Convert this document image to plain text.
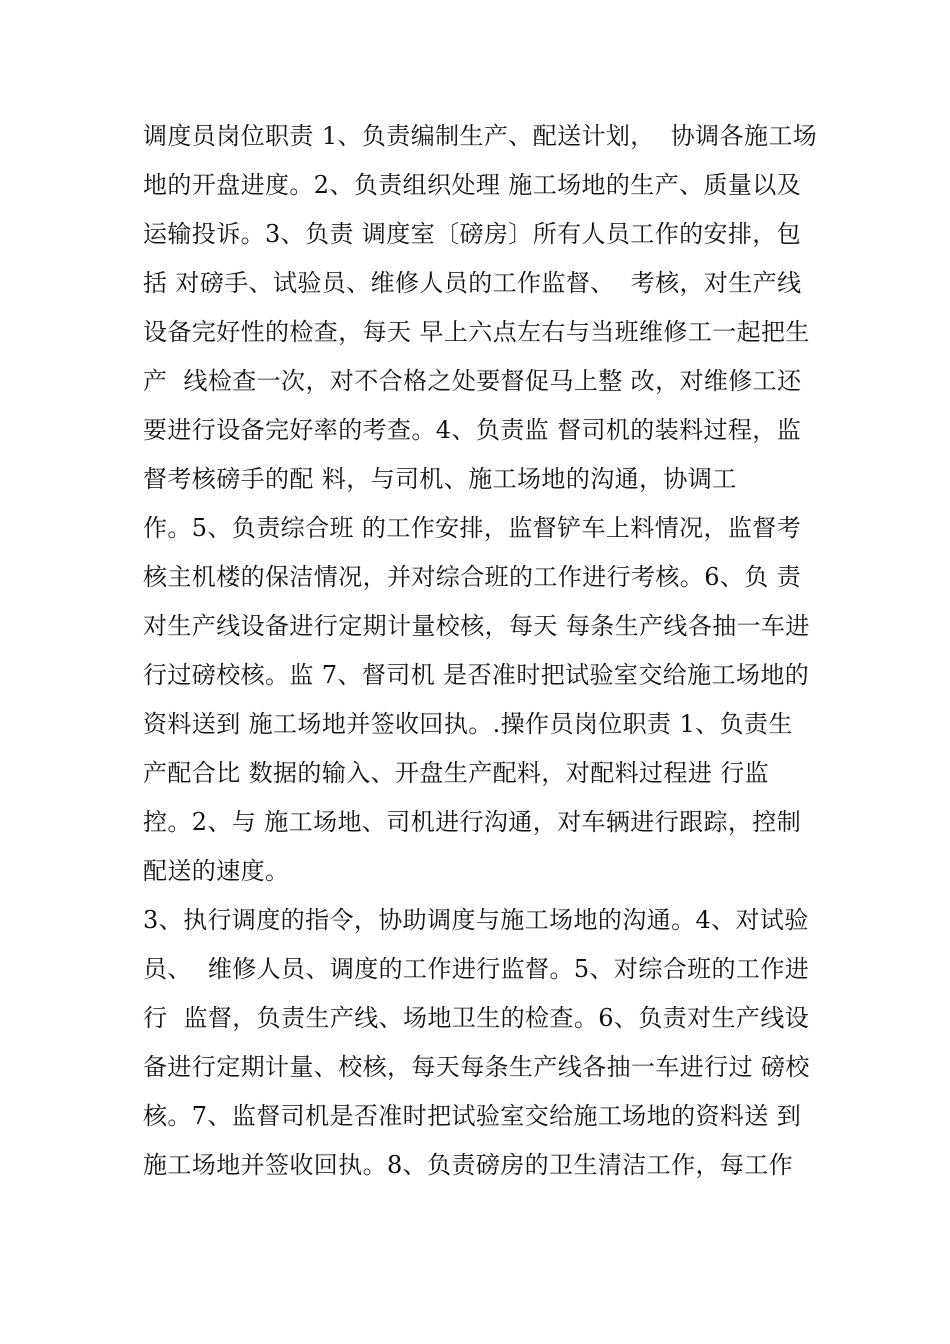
调度员岗位职责 1、负责编制生产、配送计划，  协调各施工场
地的开盘进度。2、负责组织处理 施工场地的生产、质量以及
运输投诉。3、负责 调度室〔磅房〕所有人员工作的安排，包
括 对磅手、试验员、维修人员的工作监督、  考核，对生产线
设备完好性的检查，每天 早上六点左右与当班维修工一起把生
产  线检查一次，对不合格之处要督促马上整 改，对维修工还
要进行设备完好率的考查。4、负责监 督司机的装料过程，监
督考核磅手的配 料，与司机、施工场地的沟通，协调工
作。5、负责综合班 的工作安排，监督铲车上料情况，监督考
核主机楼的保洁情况，并对综合班的工作进行考核。6、负 责
对生产线设备进行定期计量校核，每天 每条生产线各抽一车进
行过磅校核。监 7、督司机 是否准时把试验室交给施工场地的
资料送到 施工场地并签收回执。.操作员岗位职责 1、负责生
产配合比 数据的输入、开盘生产配料，对配料过程进 行监
控。2、与 施工场地、司机进行沟通，对车辆进行跟踪，控制
配送的速度。
3、执行调度的指令，协助调度与施工场地的沟通。4、对试验
员、  维修人员、调度的工作进行监督。5、对综合班的工作进
行  监督，负责生产线、场地卫生的检查。6、负责对生产线设
备进行定期计量、校核，每天每条生产线各抽一车进行过 磅校
核。7、监督司机是否准时把试验室交给施工场地的资料送 到
施工场地并签收回执。8、负责磅房的卫生清洁工作，每工作
